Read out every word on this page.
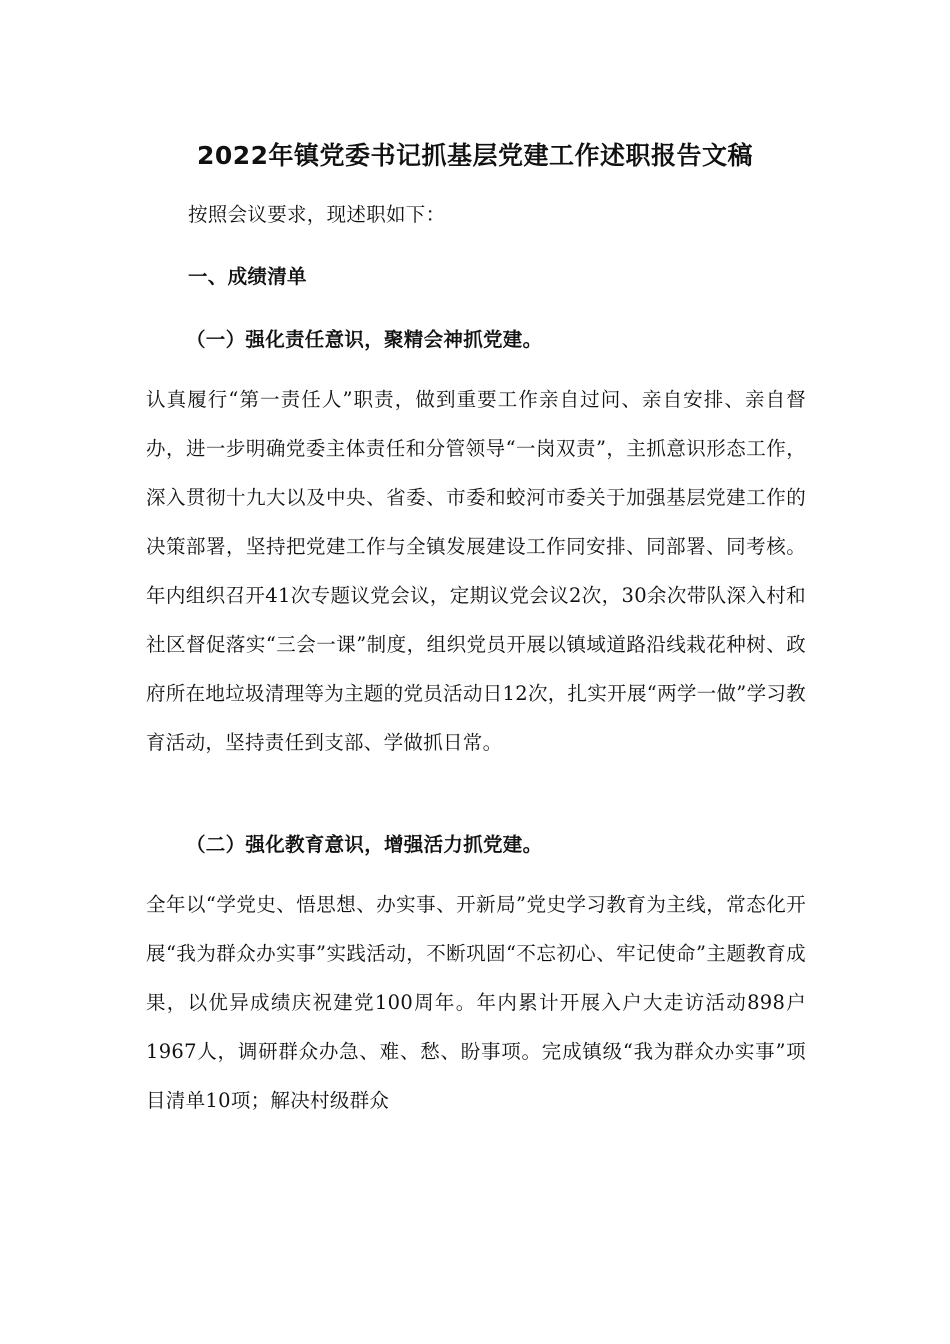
2022年镇党委书记抓基层党建工作述职报告文稿

按照会议要求，现述职如下：

一、成绩清单

（一）强化责任意识，聚精会神抓党建。

认真履行“第一责任人”职责，做到重要工作亲自过问、亲自安排、亲自督办，进一步明确党委主体责任和分管领导“一岗双责”，主抓意识形态工作，深入贯彻十九大以及中央、省委、市委和蛟河市委关于加强基层党建工作的决策部署，坚持把党建工作与全镇发展建设工作同安排、同部署、同考核。年内组织召开41次专题议党会议，定期议党会议2次，30余次带队深入村和社区督促落实“三会一课”制度，组织党员开展以镇域道路沿线栽花种树、政府所在地垃圾清理等为主题的党员活动日12次，扎实开展“两学一做”学习教育活动，坚持责任到支部、学做抓日常。

（二）强化教育意识，增强活力抓党建。

全年以“学党史、悟思想、办实事、开新局”党史学习教育为主线，常态化开展“我为群众办实事”实践活动，不断巩固“不忘初心、牢记使命”主题教育成果，以优异成绩庆祝建党100周年。年内累计开展入户大走访活动898户1967人，调研群众办急、难、愁、盼事项。完成镇级“我为群众办实事”项目清单10项；解决村级群众
